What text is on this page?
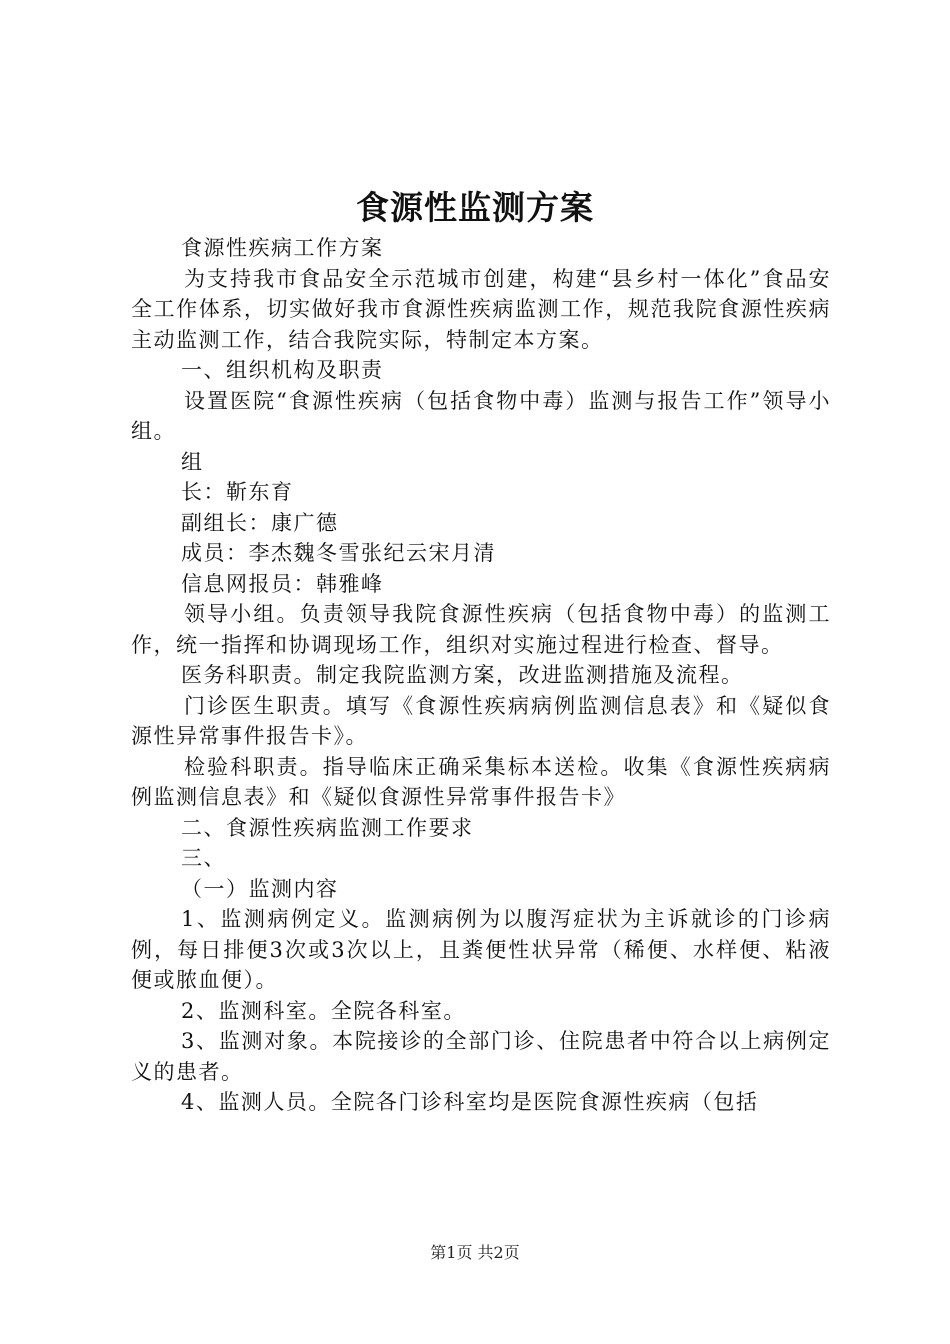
食源性监测方案

食源性疾病工作方案

为支持我市食品安全示范城市创建，构建“县乡村一体化”食品安全工作体系，切实做好我市食源性疾病监测工作，规范我院食源性疾病主动监测工作，结合我院实际，特制定本方案。

一、组织机构及职责

设置医院“食源性疾病（包括食物中毒）监测与报告工作”领导小组。

组

长：靳东育

副组长：康广德

成员：李杰魏冬雪张纪云宋月清

信息网报员：韩雅峰

领导小组。负责领导我院食源性疾病（包括食物中毒）的监测工作，统一指挥和协调现场工作，组织对实施过程进行检查、督导。

医务科职责。制定我院监测方案，改进监测措施及流程。

门诊医生职责。填写《食源性疾病病例监测信息表》和《疑似食源性异常事件报告卡》。

检验科职责。指导临床正确采集标本送检。收集《食源性疾病病例监测信息表》和《疑似食源性异常事件报告卡》

二、食源性疾病监测工作要求

三、

（一）监测内容

1、监测病例定义。监测病例为以腹泻症状为主诉就诊的门诊病例，每日排便3次或3次以上，且粪便性状异常（稀便、水样便、粘液便或脓血便）。

2、监测科室。全院各科室。

3、监测对象。本院接诊的全部门诊、住院患者中符合以上病例定义的患者。

4、监测人员。全院各门诊科室均是医院食源性疾病（包括

第1页 共2页
